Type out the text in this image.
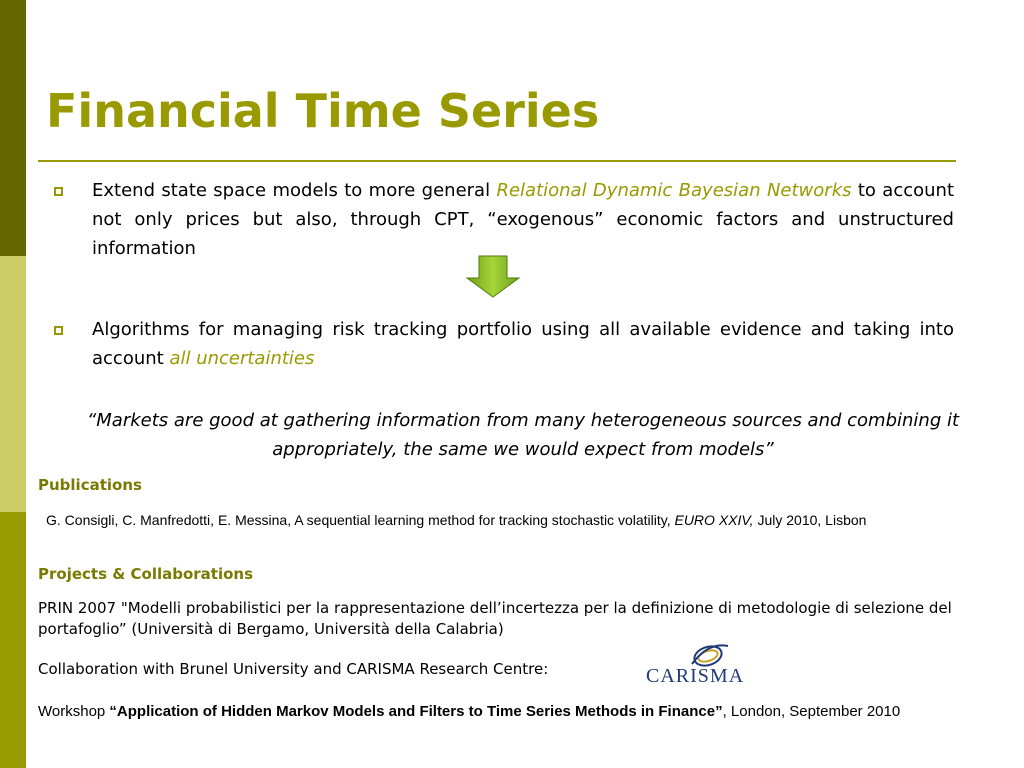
Financial Time Series
Extend state space models to more general Relational Dynamic Bayesian Networks to account not only prices but also, through CPT, “exogenous” economic factors and unstructured information
Algorithms for managing risk tracking portfolio using all available evidence and taking into account all uncertainties

“Markets are good at gathering information from many heterogeneous sources and combining it appropriately, the same we would expect from models”

Publications

G. Consigli, C. Manfredotti, E. Messina, A sequential learning method for tracking stochastic volatility, EURO XXIV, July 2010, Lisbon

Projects & Collaborations

PRIN 2007 "Modelli probabilistici per la rappresentazione dell’incertezza per la definizione di metodologie di selezione del portafoglio” (Università di Bergamo, Università della Calabria)

Collaboration with Brunel University and CARISMA Research Centre:	CARISMA

Workshop “Application of Hidden Markov Models and Filters to Time Series Methods in Finance”, London, September 2010
